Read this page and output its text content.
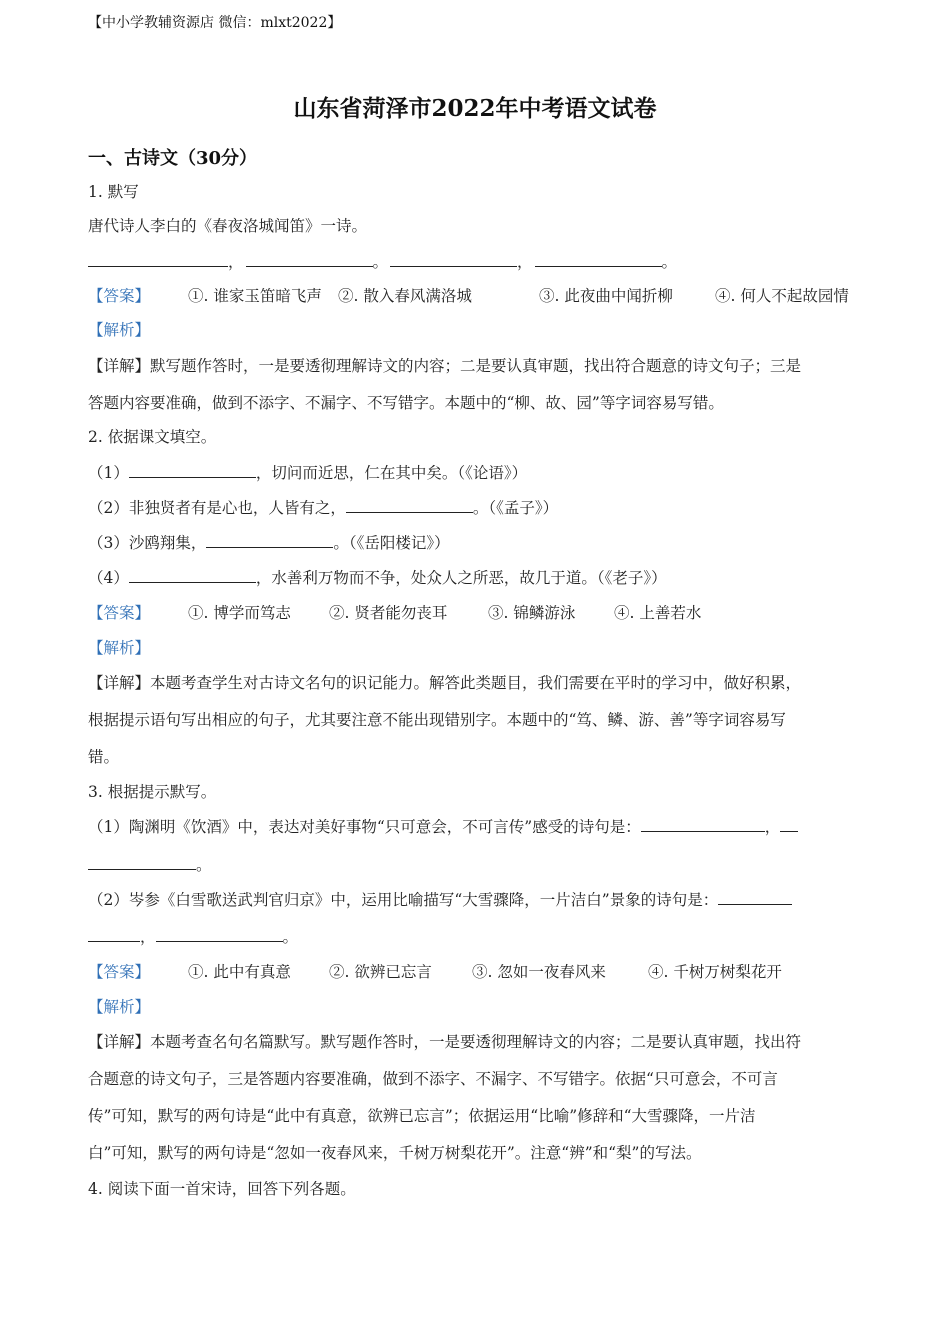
【中小学教辅资源店 微信：mlxt2022】
山东省菏泽市2022年中考语文试卷
一、古诗文（30分）
1. 默写
唐代诗人李白的《春夜洛城闻笛》一诗。
，	。	，	。
【答案】 ①. 谁家玉笛暗飞声 ②. 散入春风满洛城	③. 此夜曲中闻折柳	④. 何人不起故园情
【解析】
【详解】默写题作答时，一是要透彻理解诗文的内容；二是要认真审题，找出符合题意的诗文句子；三是
答题内容要准确，做到不添字、不漏字、不写错字。本题中的“柳、故、园”等字词容易写错。
2. 依据课文填空。
（1）	，切问而近思，仁在其中矣。（《论语》）
（2）非独贤者有是心也，人皆有之，	。（《孟子》）
（3）沙鸥翔集，	。（《岳阳楼记》）
（4）	，水善利万物而不争，处众人之所恶，故几于道。（《老子》）
【答案】 ①. 博学而笃志 ②. 贤者能勿丧耳	③. 锦鳞游泳 ④. 上善若水
【解析】
【详解】本题考查学生对古诗文名句的识记能力。解答此类题目，我们需要在平时的学习中，做好积累，
根据提示语句写出相应的句子，尤其要注意不能出现错别字。本题中的“笃、鳞、游、善”等字词容易写
错。
3. 根据提示默写。
（1）陶渊明《饮酒》中，表达对美好事物“只可意会，不可言传”感受的诗句是：	，
。
（2）岑参《白雪歌送武判官归京》中，运用比喻描写“大雪骤降，一片洁白”景象的诗句是：
，	。
【答案】 ①. 此中有真意 ②. 欲辨已忘言	③. 忽如一夜春风来	④. 千树万树梨花开
【解析】
【详解】本题考查名句名篇默写。默写题作答时，一是要透彻理解诗文的内容；二是要认真审题，找出符
合题意的诗文句子，三是答题内容要准确，做到不添字、不漏字、不写错字。依据“只可意会，不可言
传”可知，默写的两句诗是“此中有真意，欲辨已忘言”；依据运用“比喻”修辞和“大雪骤降，一片洁
白”可知，默写的两句诗是“忽如一夜春风来，千树万树梨花开”。注意“辨”和“梨”的写法。
4. 阅读下面一首宋诗，回答下列各题。
